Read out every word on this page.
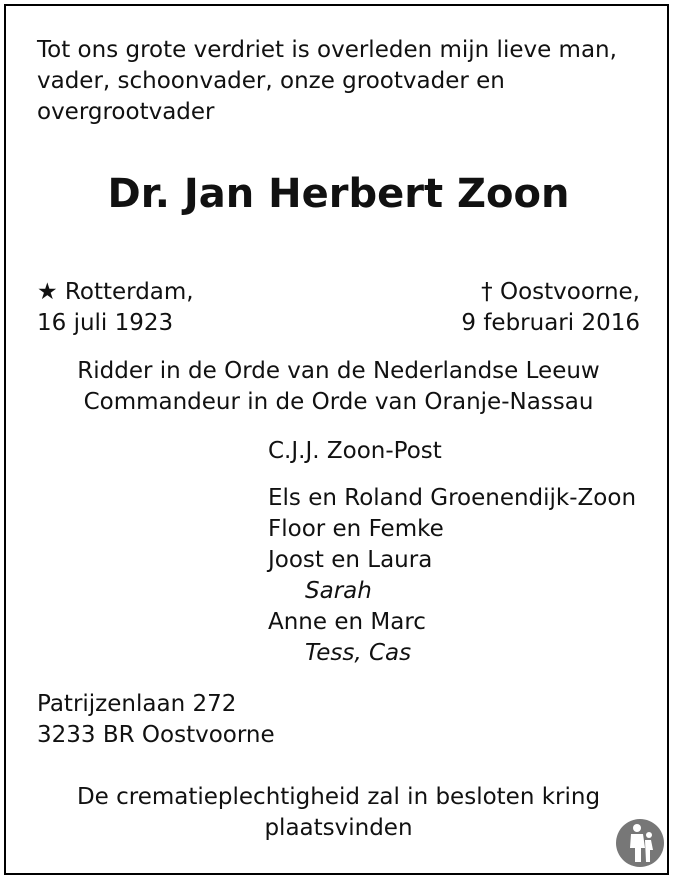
Tot ons grote verdriet is overleden mijn lieve man,
vader, schoonvader, onze grootvader en
overgrootvader

Dr. Jan Herbert Zoon

★ Rotterdam,
16 juli 1923

† Oostvoorne,
9 februari 2016

Ridder in de Orde van de Nederlandse Leeuw
Commandeur in de Orde van Oranje-Nassau

C.J.J. Zoon-Post
Els en Roland Groenendijk-Zoon
Floor en Femke
Joost en Laura
Sarah
Anne en Marc
Tess, Cas

Patrijzenlaan 272
3233 BR Oostvoorne

De crematieplechtigheid zal in besloten kring
plaatsvinden
